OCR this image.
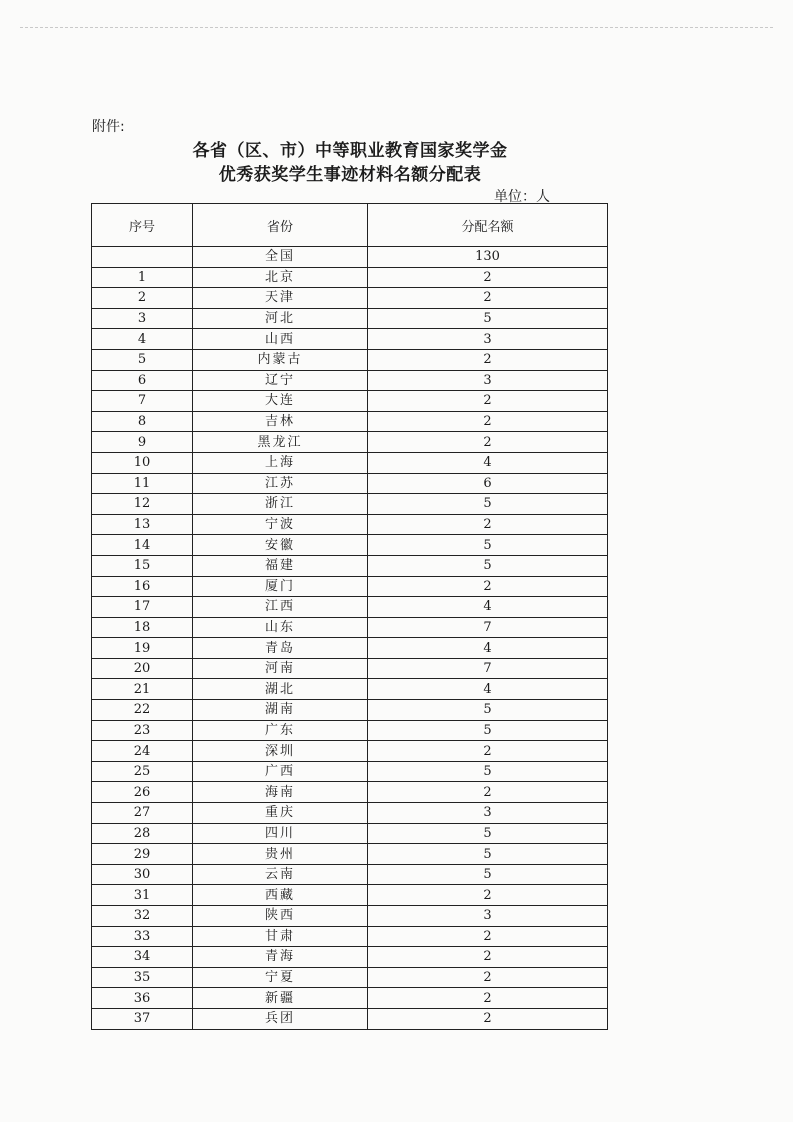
附件:
各省（区、市）中等职业教育国家奖学金
优秀获奖学生事迹材料名额分配表
单位：人
序号	省份	分配名额
	全国	130
1	北京	2
2	天津	2
3	河北	5
4	山西	3
5	内蒙古	2
6	辽宁	3
7	大连	2
8	吉林	2
9	黑龙江	2
10	上海	4
11	江苏	6
12	浙江	5
13	宁波	2
14	安徽	5
15	福建	5
16	厦门	2
17	江西	4
18	山东	7
19	青岛	4
20	河南	7
21	湖北	4
22	湖南	5
23	广东	5
24	深圳	2
25	广西	5
26	海南	2
27	重庆	3
28	四川	5
29	贵州	5
30	云南	5
31	西藏	2
32	陕西	3
33	甘肃	2
34	青海	2
35	宁夏	2
36	新疆	2
37	兵团	2
